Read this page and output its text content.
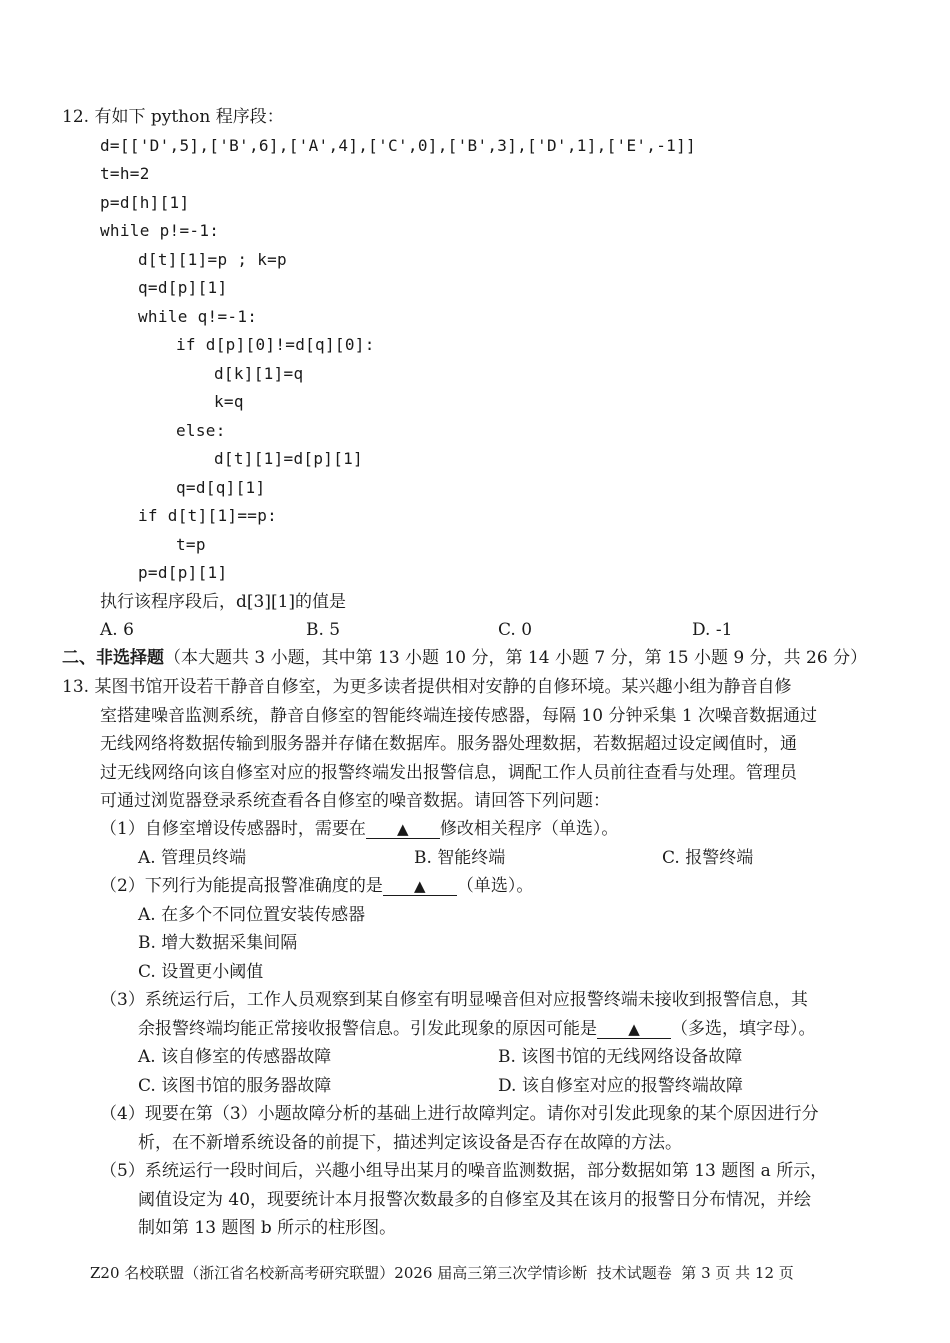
12. 有如下 python 程序段：
d=[['D',5],['B',6],['A',4],['C',0],['B',3],['D',1],['E',-1]]
t=h=2
p=d[h][1]
while p!=-1:
d[t][1]=p ; k=p
q=d[p][1]
while q!=-1:
if d[p][0]!=d[q][0]:
d[k][1]=q
k=q
else:
d[t][1]=d[p][1]
q=d[q][1]
if d[t][1]==p:
t=p
p=d[p][1]
执行该程序段后，d[3][1]的值是
A. 6	B. 5	C. 0	D. -1
二、非选择题（本大题共 3 小题，其中第 13 小题 10 分，第 14 小题 7 分，第 15 小题 9 分，共 26 分）
13. 某图书馆开设若干静音自修室，为更多读者提供相对安静的自修环境。某兴趣小组为静音自修
室搭建噪音监测系统，静音自修室的智能终端连接传感器，每隔 10 分钟采集 1 次噪音数据通过
无线网络将数据传输到服务器并存储在数据库。服务器处理数据，若数据超过设定阈值时，通
过无线网络向该自修室对应的报警终端发出报警信息，调配工作人员前往查看与处理。管理员
可通过浏览器登录系统查看各自修室的噪音数据。请回答下列问题：
（1）自修室增设传感器时，需要在 ▲ 修改相关程序（单选）。
A. 管理员终端	B. 智能终端	C. 报警终端
（2）下列行为能提高报警准确度的是 ▲ （单选）。
A. 在多个不同位置安装传感器
B. 增大数据采集间隔
C. 设置更小阈值
（3）系统运行后，工作人员观察到某自修室有明显噪音但对应报警终端未接收到报警信息，其
余报警终端均能正常接收报警信息。引发此现象的原因可能是 ▲ （多选，填字母）。
A. 该自修室的传感器故障	B. 该图书馆的无线网络设备故障
C. 该图书馆的服务器故障	D. 该自修室对应的报警终端故障
（4）现要在第（3）小题故障分析的基础上进行故障判定。请你对引发此现象的某个原因进行分
析，在不新增系统设备的前提下，描述判定该设备是否存在故障的方法。
（5）系统运行一段时间后，兴趣小组导出某月的噪音监测数据，部分数据如第 13 题图 a 所示，
阈值设定为 40，现要统计本月报警次数最多的自修室及其在该月的报警日分布情况，并绘
制如第 13 题图 b 所示的柱形图。
Z20 名校联盟（浙江省名校新高考研究联盟）2026 届高三第三次学情诊断  技术试题卷  第 3 页 共 12 页
